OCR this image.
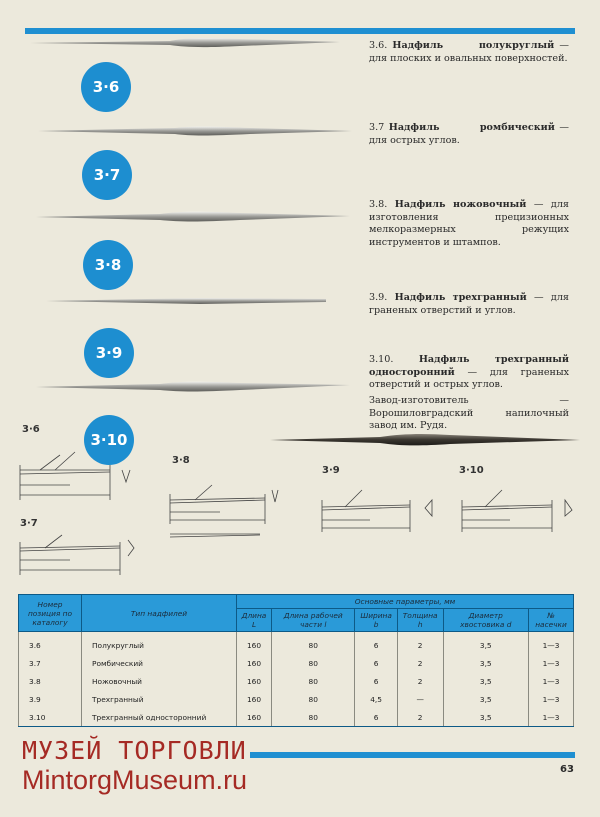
3·6
3·7
3·8
3·9
3·10
3.6. Надфиль	полукруглый — для плоских и овальных поверхностей.
3.7 Надфиль	ромбический — для острых углов.
3.8. Надфиль ножовочный — для изготовления прецизионных мелкоразмерных режущих инструментов и штампов.
3.9. Надфиль трехгранный — для граненых отверстий и углов.
3.10.	Надфиль	трехгранный односторонний — для граненых отверстий и острых углов.
Завод-изготовитель — Ворошиловградский напилочный завод им. Рудя.
3·6
3·7
3·8
3·9	3·10
Номер позиция по каталогу	Тип надфилей	Основные параметры, мм					
		Длина L	Длина рабочей части l	Ширина b	Толщина h	Диаметр хвостовика d	№ насечки
3.6	Полукруглый	160	80	6	2	3,5	1—3
3.7	Ромбический	160	80	6	2	3,5	1—3
3.8	Ножовочный	160	80	6	2	3,5	1—3
3.9	Трехгранный	160	80	4,5	—	3,5	1—3
3.10	Трехгранный односторонний	160	80	6	2	3,5	1—3
63
МУЗЕЙ ТОРГОВЛИ
MintorgMuseum.ru
